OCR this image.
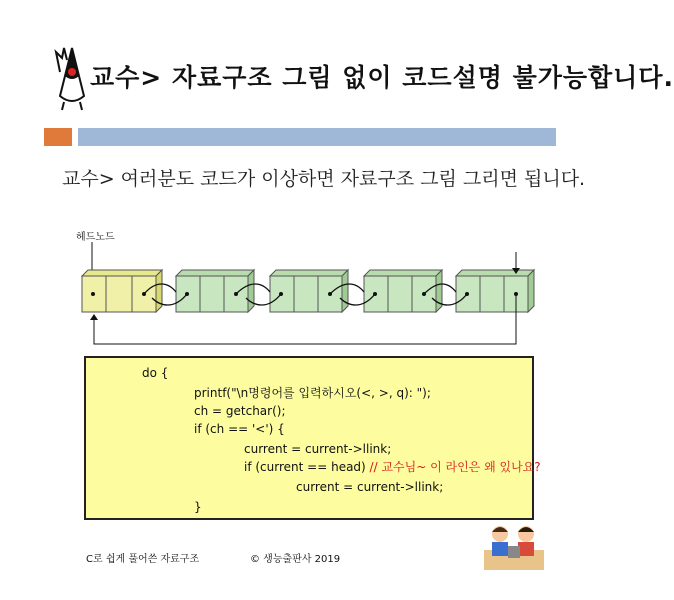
교수> 자료구조 그림 없이 코드설명 불가능합니다.
교수> 여러분도 코드가 이상하면 자료구조 그림 그리면 됩니다.
헤드노드
do {
printf("\n명령어를 입력하시오(<, >, q): ");
ch = getchar();
if (ch == '<') {
current = current->llink;
if (current == head) // 교수님~ 이 라인은 왜 있나요?
current = current->llink;
}
C로 쉽게 풀어쓴 자료구조	© 생능출판사 2019
